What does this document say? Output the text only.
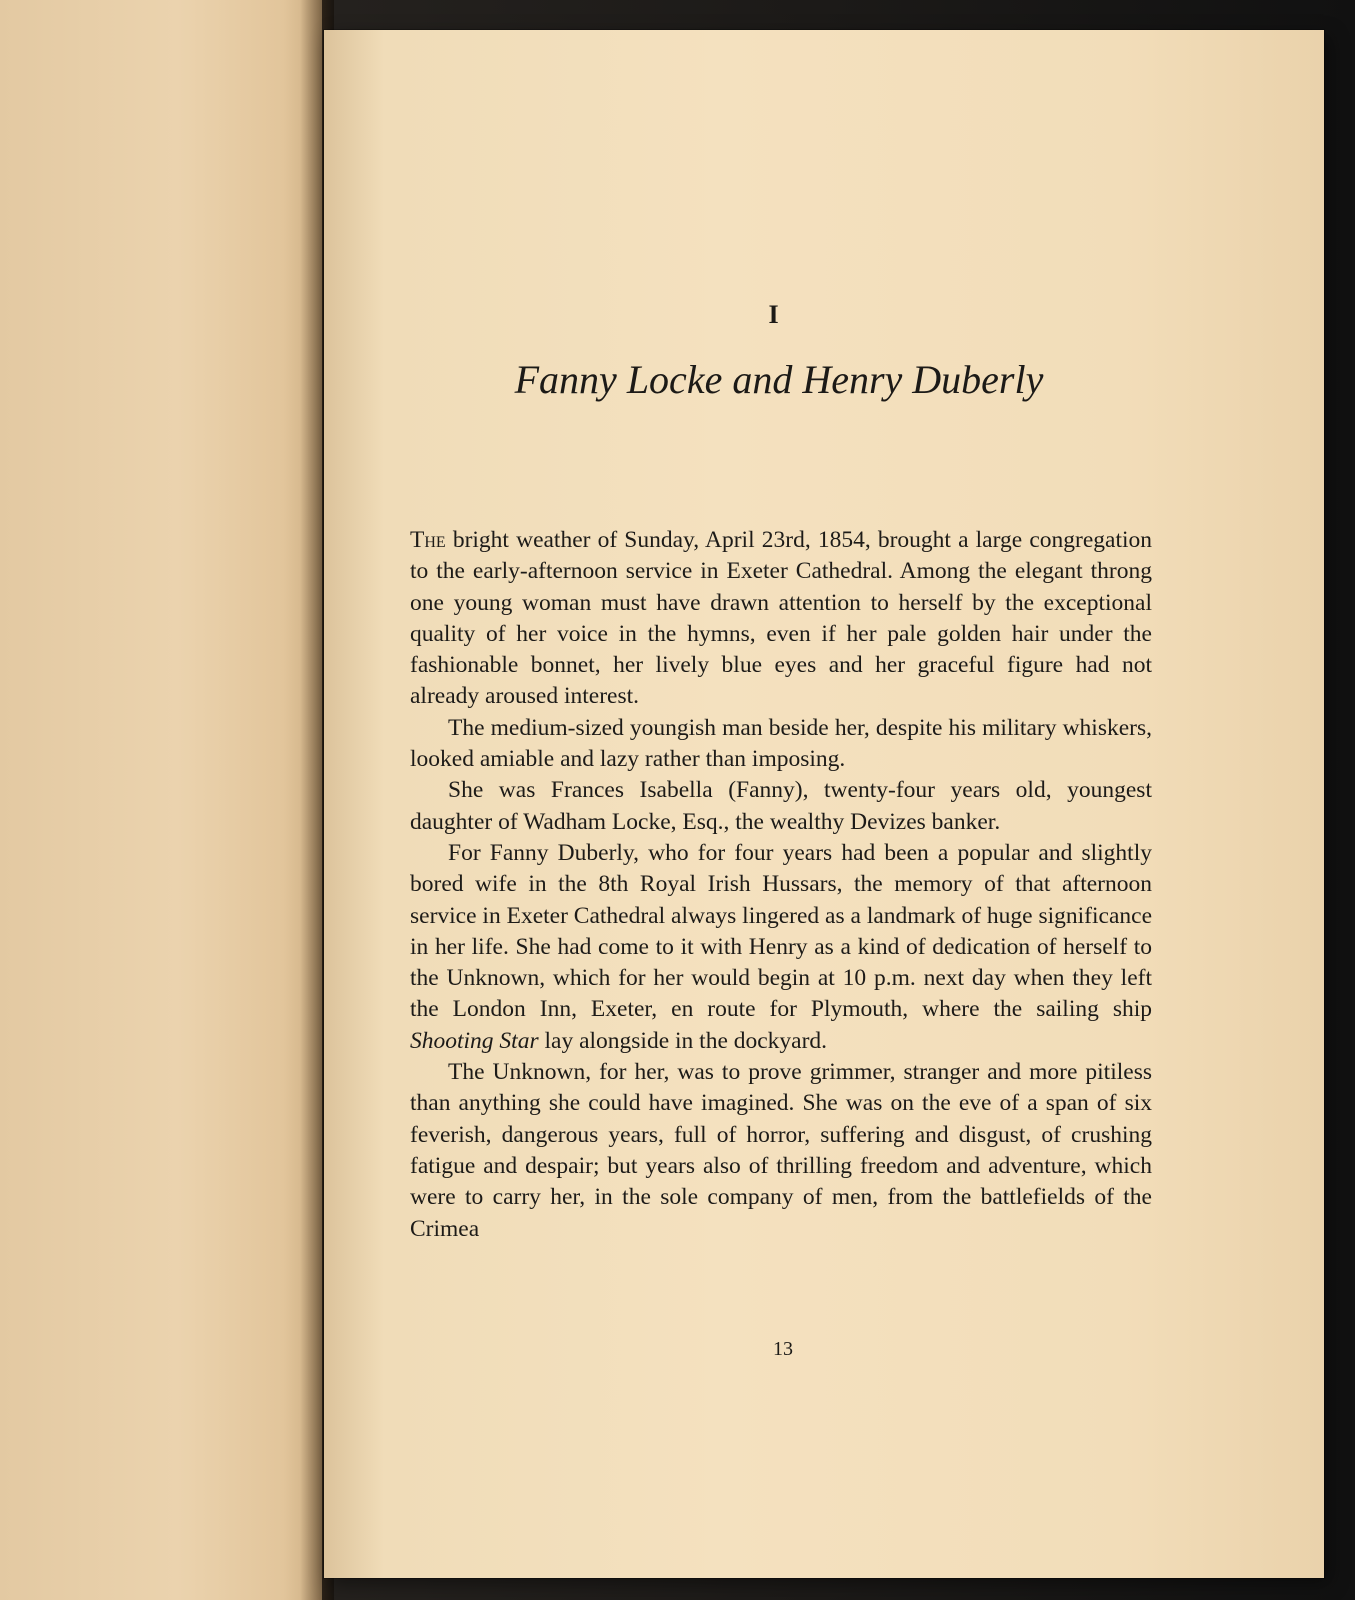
I
Fanny Locke and Henry Duberly

The bright weather of Sunday, April 23rd, 1854, brought a large congregation to the early-afternoon service in Exeter Cathedral. Among the elegant throng one young woman must have drawn attention to herself by the exceptional quality of her voice in the hymns, even if her pale golden hair under the fashionable bonnet, her lively blue eyes and her graceful figure had not already aroused interest.

The medium-sized youngish man beside her, despite his military whiskers, looked amiable and lazy rather than imposing.

She was Frances Isabella (Fanny), twenty-four years old, youngest daughter of Wadham Locke, Esq., the wealthy Devizes banker.

For Fanny Duberly, who for four years had been a popular and slightly bored wife in the 8th Royal Irish Hussars, the memory of that afternoon service in Exeter Cathedral always lingered as a landmark of huge significance in her life. She had come to it with Henry as a kind of dedication of herself to the Unknown, which for her would begin at 10 p.m. next day when they left the London Inn, Exeter, en route for Plymouth, where the sailing ship Shooting Star lay alongside in the dockyard.

The Unknown, for her, was to prove grimmer, stranger and more pitiless than anything she could have imagined. She was on the eve of a span of six feverish, dangerous years, full of horror, suffering and disgust, of crushing fatigue and despair; but years also of thrilling freedom and adventure, which were to carry her, in the sole company of men, from the battlefields of the Crimea

13
